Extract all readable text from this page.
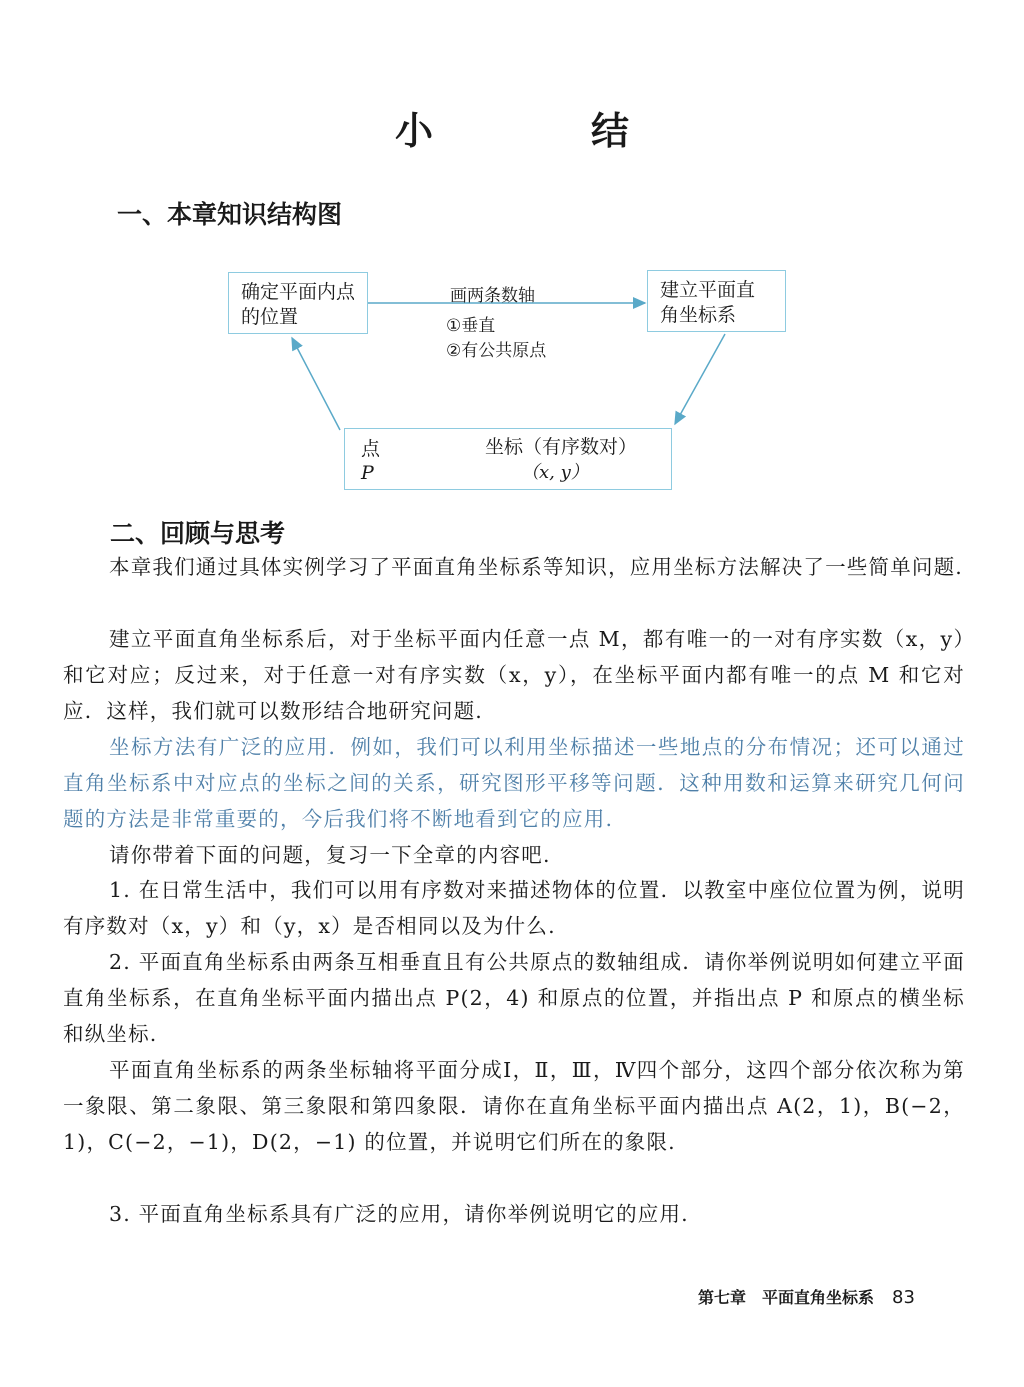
小　结
一、本章知识结构图
确定平面内点的位置
建立平面直角坐标系
点
P
坐标（有序数对）
（x, y）
画两条数轴
①垂直
②有公共原点
二、回顾与思考
本章我们通过具体实例学习了平面直角坐标系等知识，应用坐标方法解决了一些简单问题.
建立平面直角坐标系后，对于坐标平面内任意一点 M，都有唯一的一对有序实数（x，y）和它对应；反过来，对于任意一对有序实数（x，y），在坐标平面内都有唯一的点 M 和它对应．这样，我们就可以数形结合地研究问题.
坐标方法有广泛的应用．例如，我们可以利用坐标描述一些地点的分布情况；还可以通过直角坐标系中对应点的坐标之间的关系，研究图形平移等问题．这种用数和运算来研究几何问题的方法是非常重要的，今后我们将不断地看到它的应用.
请你带着下面的问题，复习一下全章的内容吧.
1. 在日常生活中，我们可以用有序数对来描述物体的位置．以教室中座位位置为例，说明有序数对（x，y）和（y，x）是否相同以及为什么.
2. 平面直角坐标系由两条互相垂直且有公共原点的数轴组成．请你举例说明如何建立平面直角坐标系，在直角坐标平面内描出点 P(2，4) 和原点的位置，并指出点 P 和原点的横坐标和纵坐标.
平面直角坐标系的两条坐标轴将平面分成Ⅰ，Ⅱ，Ⅲ，Ⅳ四个部分，这四个部分依次称为第一象限、第二象限、第三象限和第四象限．请你在直角坐标平面内描出点 A(2，1)，B(−2，1)，C(−2，−1)，D(2，−1) 的位置，并说明它们所在的象限.
3. 平面直角坐标系具有广泛的应用，请你举例说明它的应用.
第七章　平面直角坐标系 83
